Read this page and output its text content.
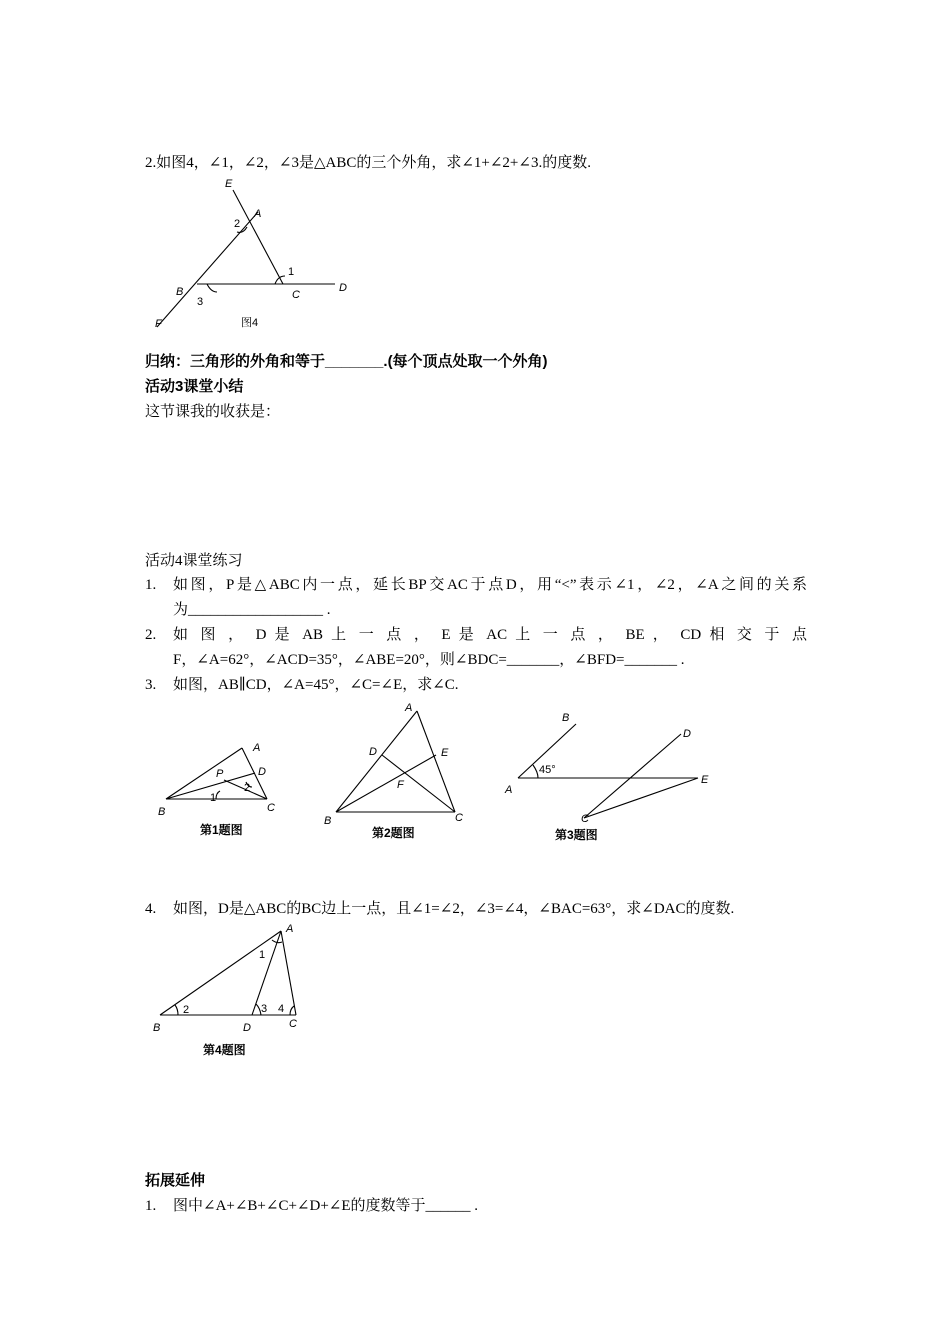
2.如图4，∠1，∠2，∠3是△ABC的三个外角，求∠1+∠2+∠3.的度数.
E
A
2
1
B	C
D
3
F	图4
归纳：三角形的外角和等于_______.(每个顶点处取一个外角)
活动3课堂小结
这节课我的收获是：
活动4课堂练习
1. 如图，P是△ABC内一点，延长BP交AC于点D，用“<”表示∠1，∠2，∠A之间的关系
为__________________ .
2. 如 图 ， D 是 AB 上 一 点 ， E 是 AC 上 一 点 ， BE ， CD 相 交 于 点
F，∠A=62°，∠ACD=35°，∠ABE=20°，则∠BDC=_______，∠BFD=_______ .
3. 如图，AB∥CD，∠A=45°，∠C=∠E，求∠C.
A
P	D
2
1
B	C
第1题图
A
D	E
F
B	C
第2题图
B
D
45°
A
E
C
第3题图
4. 如图，D是△ABC的BC边上一点，且∠1=∠2，∠3=∠4，∠BAC=63°，求∠DAC的度数.
A
1
2	3 4
B	D	C
第4题图
拓展延伸
1. 图中∠A+∠B+∠C+∠D+∠E的度数等于______ .
